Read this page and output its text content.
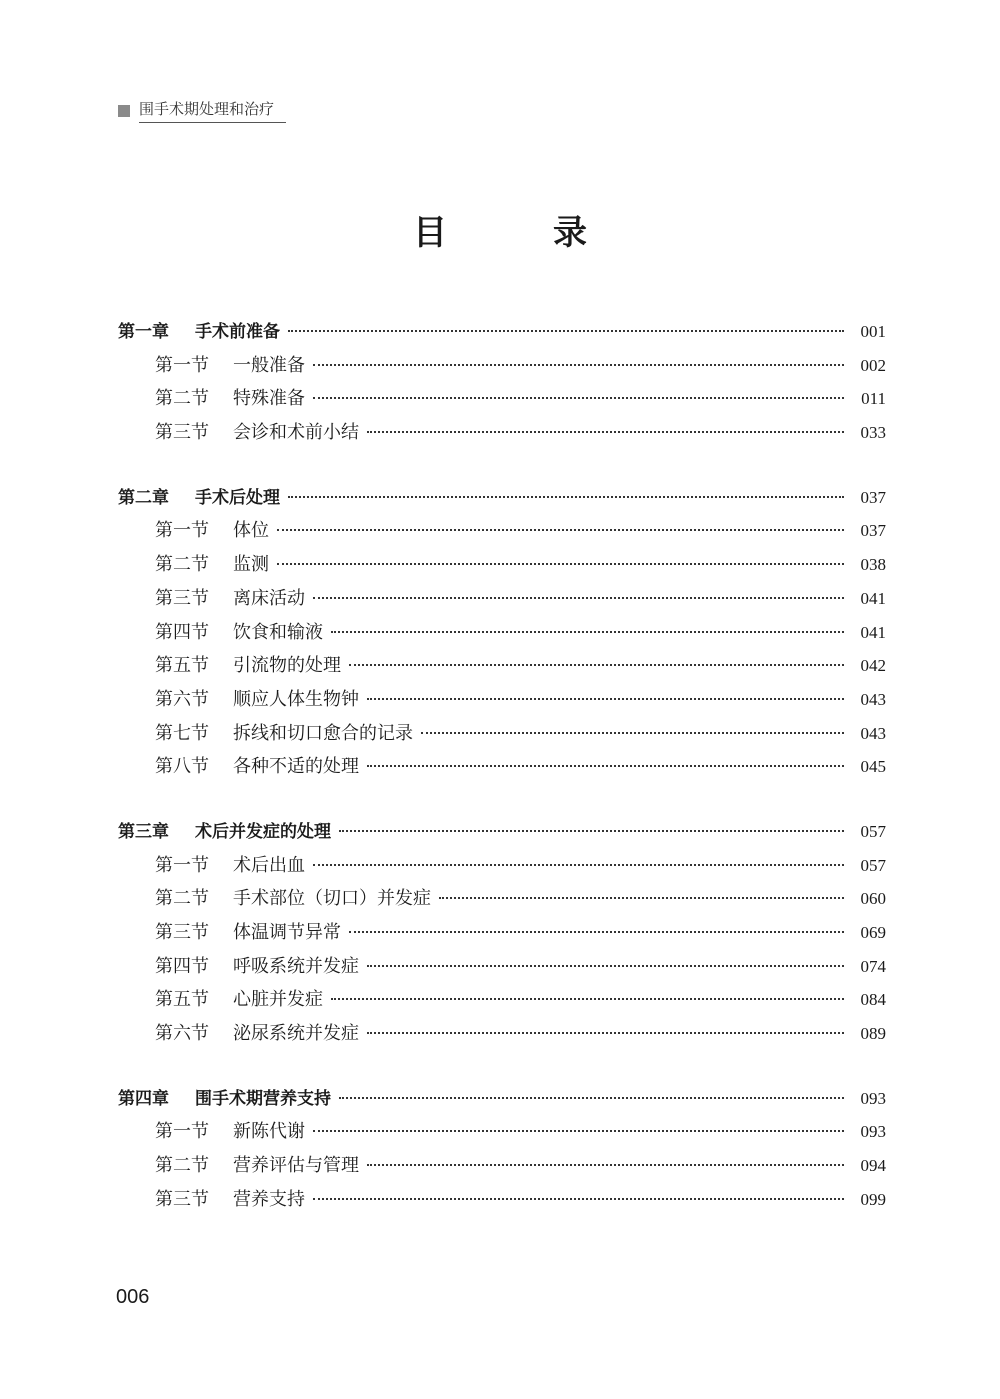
围手术期处理和治疗
目　录
第一章	手术前准备	001
第一节	一般准备	002
第二节	特殊准备	011
第三节	会诊和术前小结	033
第二章	手术后处理	037
第一节	体位	037
第二节	监测	038
第三节	离床活动	041
第四节	饮食和输液	041
第五节	引流物的处理	042
第六节	顺应人体生物钟	043
第七节	拆线和切口愈合的记录	043
第八节	各种不适的处理	045
第三章	术后并发症的处理	057
第一节	术后出血	057
第二节	手术部位（切口）并发症	060
第三节	体温调节异常	069
第四节	呼吸系统并发症	074
第五节	心脏并发症	084
第六节	泌尿系统并发症	089
第四章	围手术期营养支持	093
第一节	新陈代谢	093
第二节	营养评估与管理	094
第三节	营养支持	099
006
